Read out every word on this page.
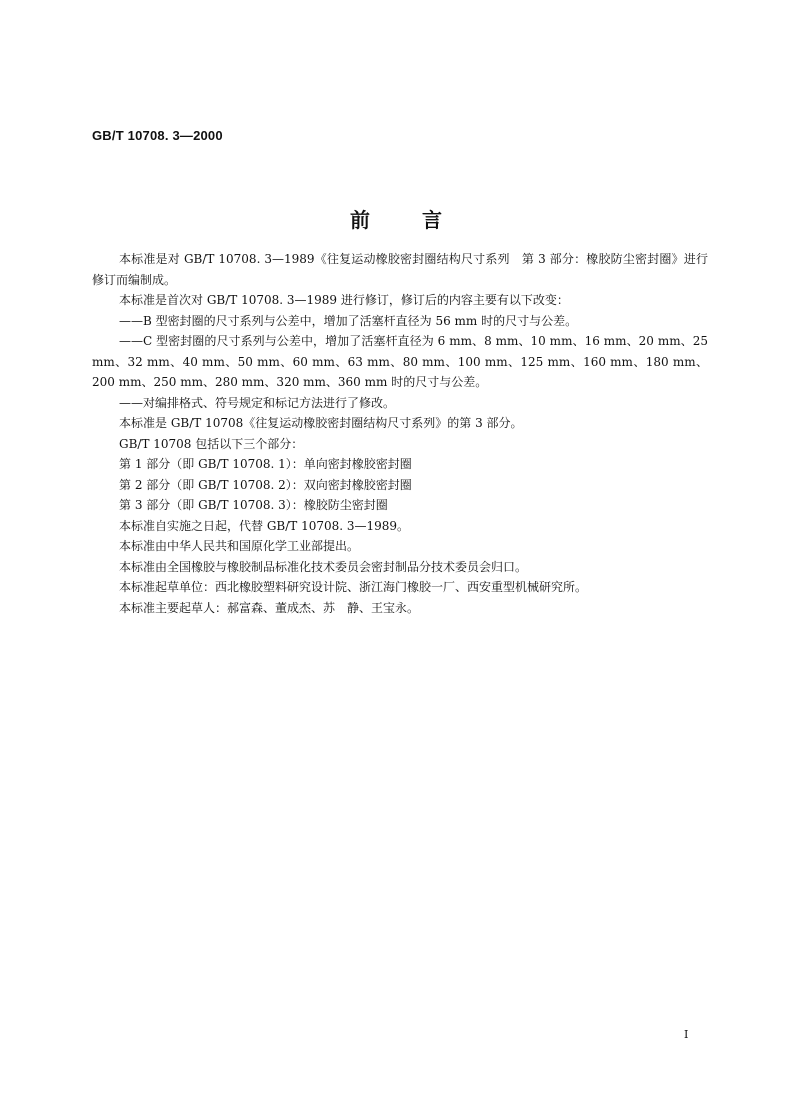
GB/T 10708. 3—2000
前言

本标准是对 GB/T 10708. 3—1989《往复运动橡胶密封圈结构尺寸系列　第 3 部分：橡胶防尘密封圈》进行修订而编制成。

本标准是首次对 GB/T 10708. 3—1989 进行修订，修订后的内容主要有以下改变：

——B 型密封圈的尺寸系列与公差中，增加了活塞杆直径为 56 mm 时的尺寸与公差。

——C 型密封圈的尺寸系列与公差中，增加了活塞杆直径为 6 mm、8 mm、10 mm、16 mm、20 mm、25 mm、32 mm、40 mm、50 mm、60 mm、63 mm、80 mm、100 mm、125 mm、160 mm、180 mm、200 mm、250 mm、280 mm、320 mm、360 mm 时的尺寸与公差。

——对编排格式、符号规定和标记方法进行了修改。

本标准是 GB/T 10708《往复运动橡胶密封圈结构尺寸系列》的第 3 部分。

GB/T 10708 包括以下三个部分：

第 1 部分（即 GB/T 10708. 1）：单向密封橡胶密封圈

第 2 部分（即 GB/T 10708. 2）：双向密封橡胶密封圈

第 3 部分（即 GB/T 10708. 3）：橡胶防尘密封圈

本标准自实施之日起，代替 GB/T 10708. 3—1989。

本标准由中华人民共和国原化学工业部提出。

本标准由全国橡胶与橡胶制品标准化技术委员会密封制品分技术委员会归口。

本标准起草单位：西北橡胶塑料研究设计院、浙江海门橡胶一厂、西安重型机械研究所。

本标准主要起草人：郝富森、董成杰、苏　静、王宝永。

I
